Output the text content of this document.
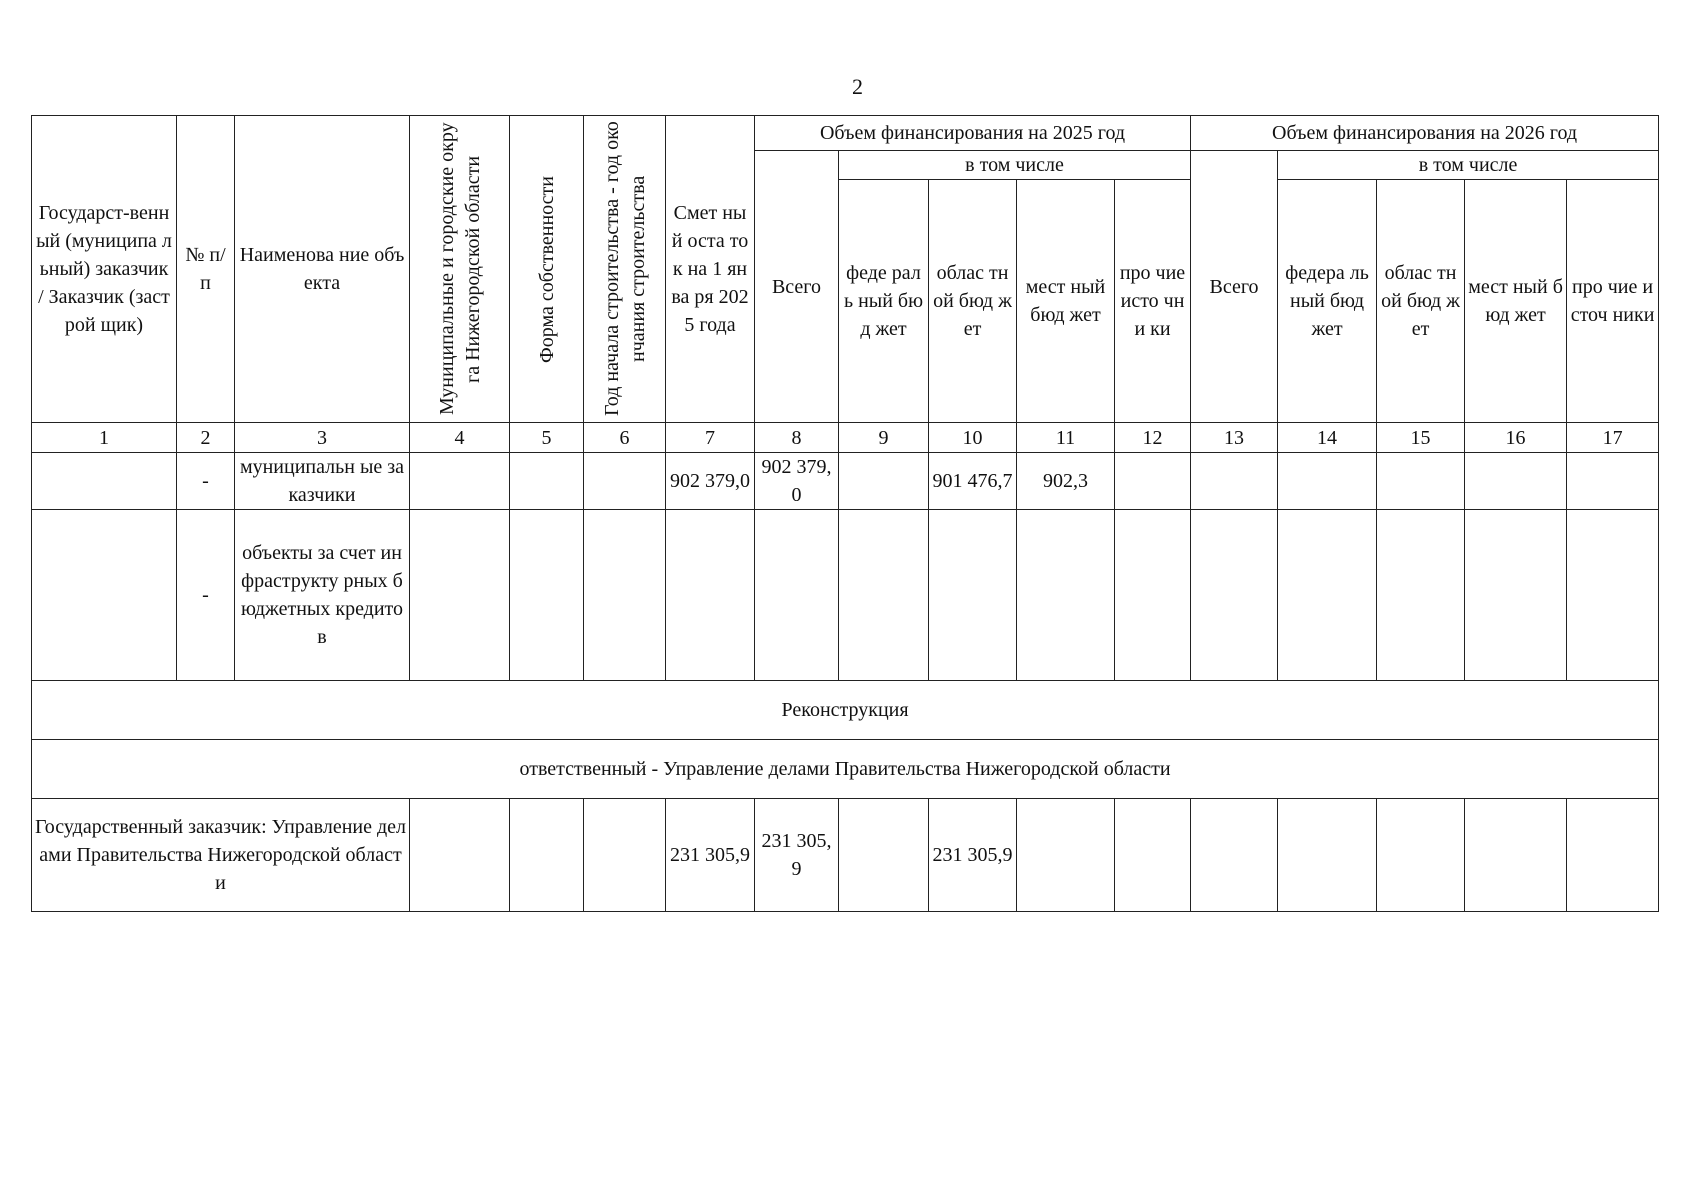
2
Государст-венный (муниципа льный) заказчик / Заказчик (застрой щик)	№ п/п	Наименова ние объекта	Муниципальные и городские округа Нижегородской области	Форма собственности	Год начала строительства - год окончания строительства	Смет ный оста ток на 1 янва ря 2025 года	Объем финансирования на 2025 год					Объем финансирования на 2026 год				
							Всего	в том числе				Всего	в том числе			
								феде раль ный бюд жет	облас тной бюд жет	мест ный бюд жет	про чие исто чни ки		федера льный бюд жет	облас тной бюд жет	мест ный бюд жет	про чие источ ники
1	2	3	4	5	6	7	8	9	10	11	12	13	14	15	16	17
	-	муниципальн ые заказчики				902 379,0	902 379,0		901 476,7	902,3						
	-	объекты за счет инфраструкту рных бюджетных кредитов														
Реконструкция																
ответственный - Управление делами Правительства Нижегородской области																
Государственный заказчик: Управление делами Правительства Нижегородской области						231 305,9	231 305,9		231 305,9							
